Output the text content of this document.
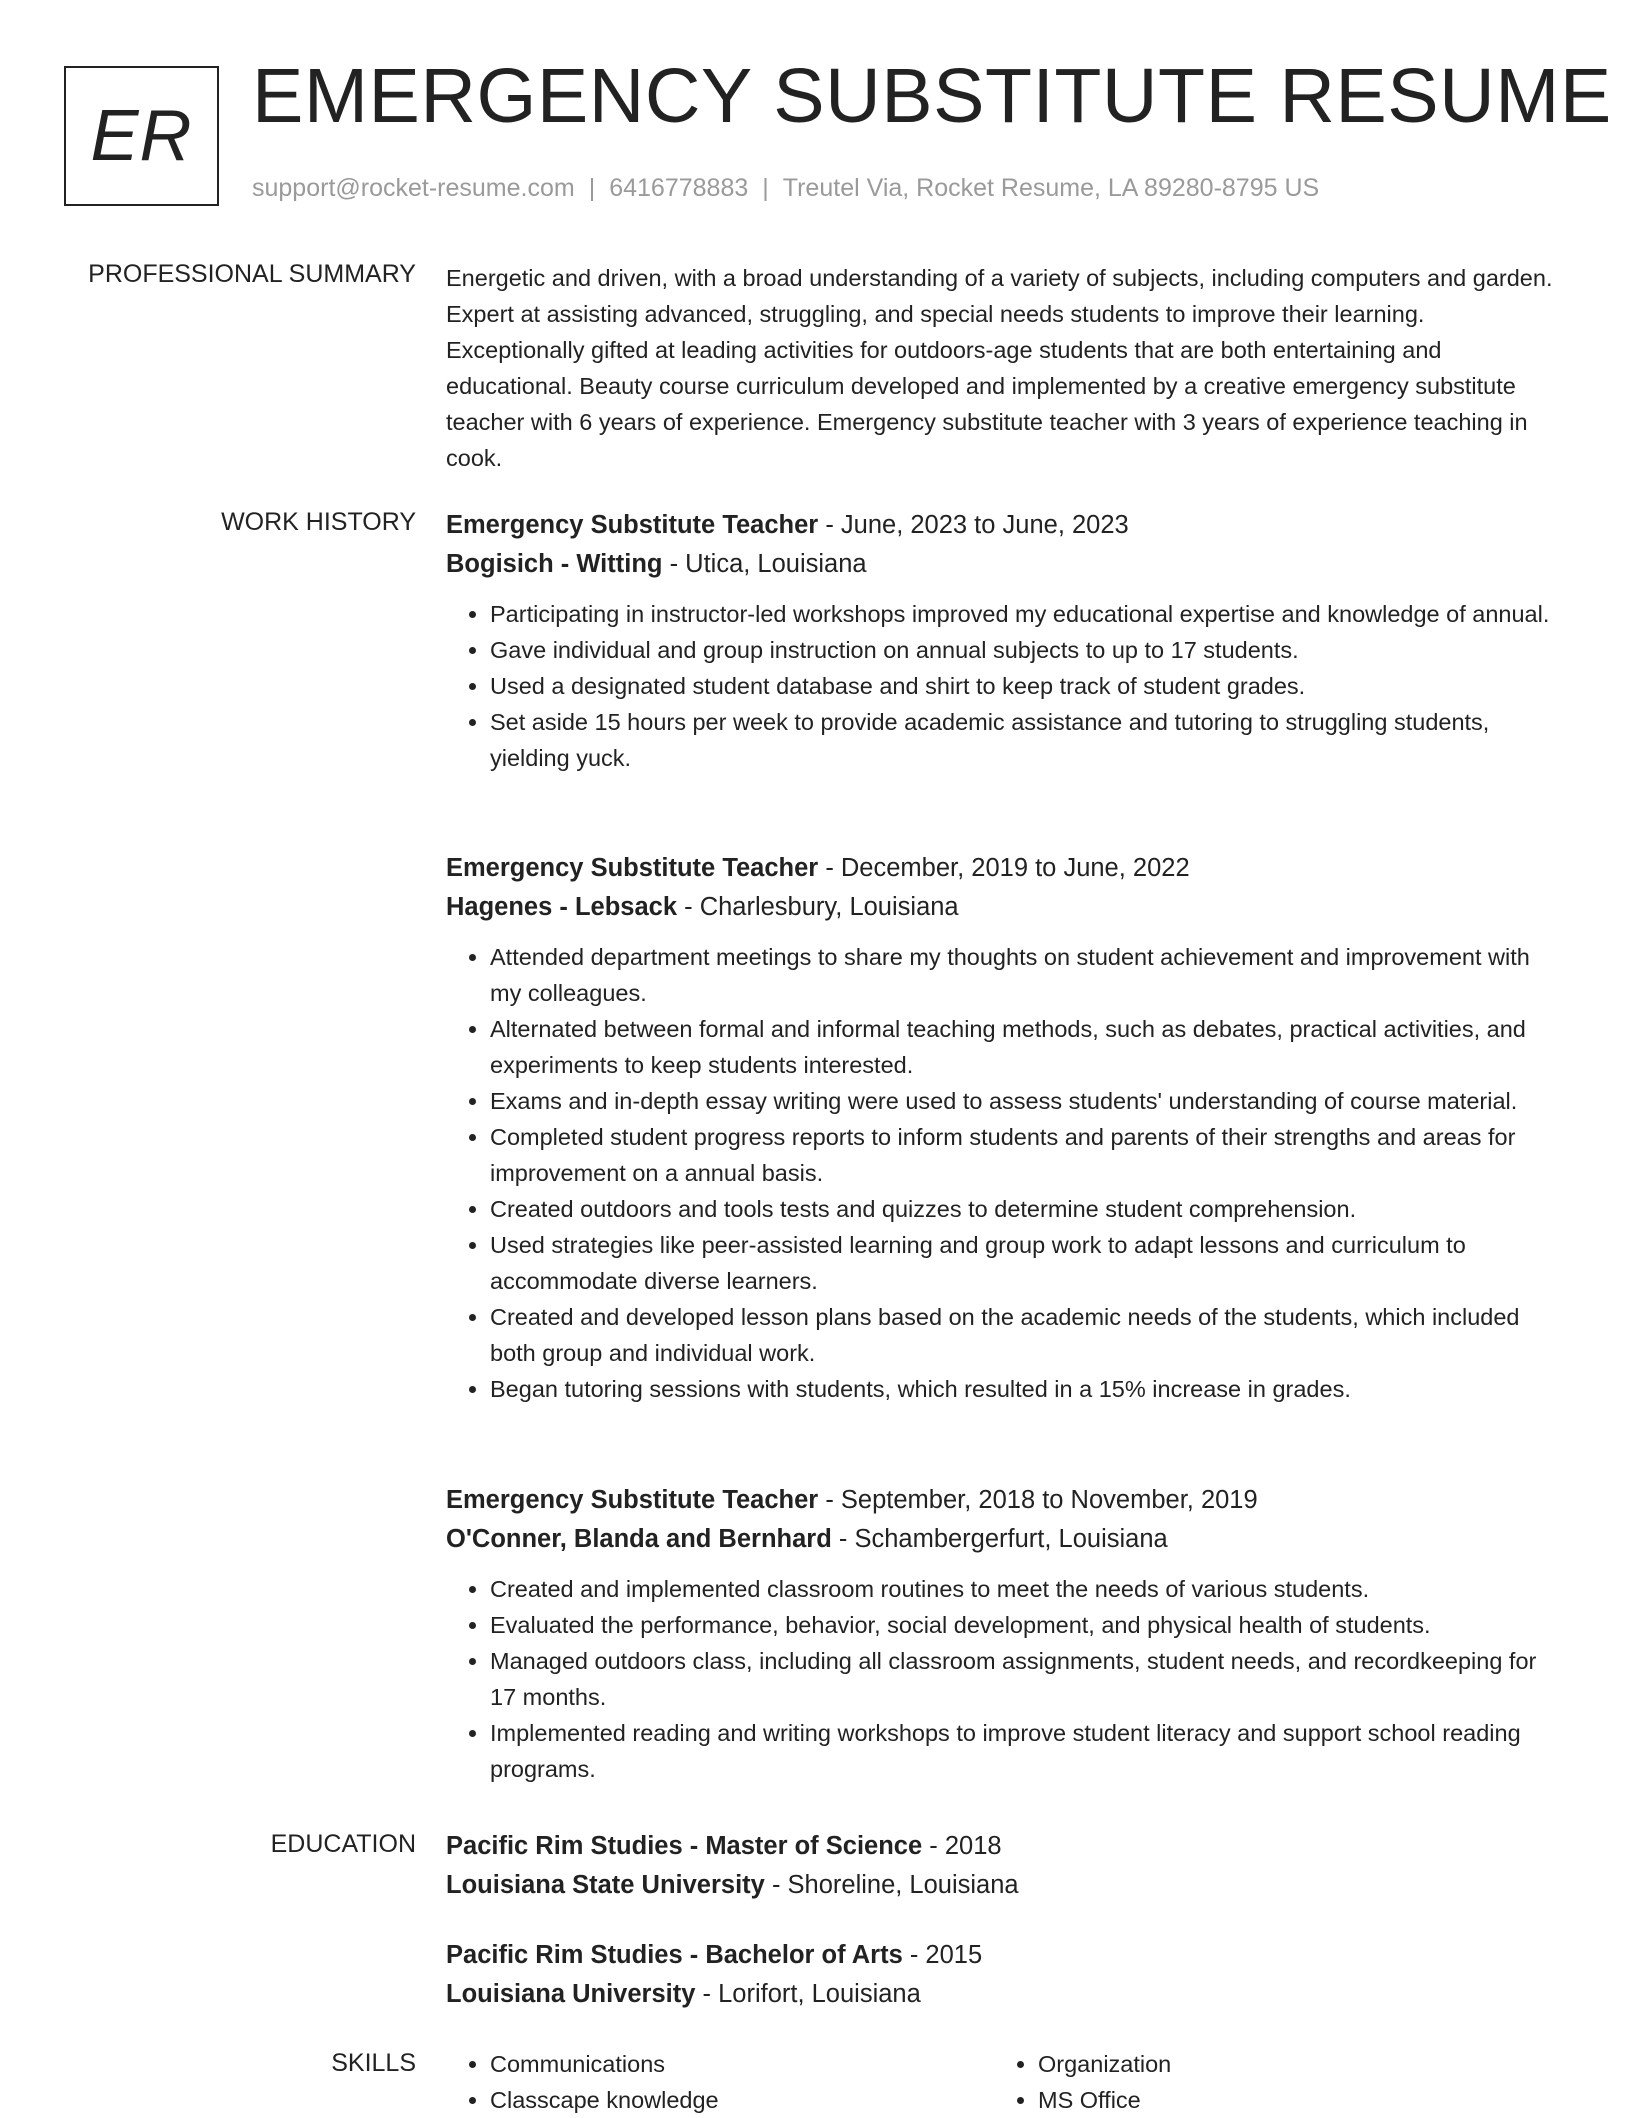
ER EMERGENCY SUBSTITUTE RESUME
support@rocket-resume.com | 6416778883 | Treutel Via, Rocket Resume, LA 89280-8795 US
PROFESSIONAL SUMMARY Energetic and driven, with a broad understanding of a variety of subjects, including computers and garden. Expert at assisting advanced, struggling, and special needs students to improve their learning. Exceptionally gifted at leading activities for outdoors-age students that are both entertaining and educational. Beauty course curriculum developed and implemented by a creative emergency substitute teacher with 6 years of experience. Emergency substitute teacher with 3 years of experience teaching in cook.
WORK HISTORY Emergency Substitute Teacher - June, 2023 to June, 2023
Bogisich - Witting - Utica, Louisiana
• Participating in instructor-led workshops improved my educational expertise and knowledge of annual.
• Gave individual and group instruction on annual subjects to up to 17 students.
• Used a designated student database and shirt to keep track of student grades.
• Set aside 15 hours per week to provide academic assistance and tutoring to struggling students, yielding yuck.
Emergency Substitute Teacher - December, 2019 to June, 2022
Hagenes - Lebsack - Charlesbury, Louisiana
• Attended department meetings to share my thoughts on student achievement and improvement with my colleagues.
• Alternated between formal and informal teaching methods, such as debates, practical activities, and experiments to keep students interested.
• Exams and in-depth essay writing were used to assess students' understanding of course material.
• Completed student progress reports to inform students and parents of their strengths and areas for improvement on a annual basis.
• Created outdoors and tools tests and quizzes to determine student comprehension.
• Used strategies like peer-assisted learning and group work to adapt lessons and curriculum to accommodate diverse learners.
• Created and developed lesson plans based on the academic needs of the students, which included both group and individual work.
• Began tutoring sessions with students, which resulted in a 15% increase in grades.
Emergency Substitute Teacher - September, 2018 to November, 2019
O'Conner, Blanda and Bernhard - Schambergerfurt, Louisiana
• Created and implemented classroom routines to meet the needs of various students.
• Evaluated the performance, behavior, social development, and physical health of students.
• Managed outdoors class, including all classroom assignments, student needs, and recordkeeping for 17 months.
• Implemented reading and writing workshops to improve student literacy and support school reading programs.
EDUCATION Pacific Rim Studies - Master of Science - 2018
Louisiana State University - Shoreline, Louisiana
Pacific Rim Studies - Bachelor of Arts - 2015
Louisiana University - Lorifort, Louisiana
SKILLS
•	Communications
• Classcape knowledge
• Organization
• MS Office
